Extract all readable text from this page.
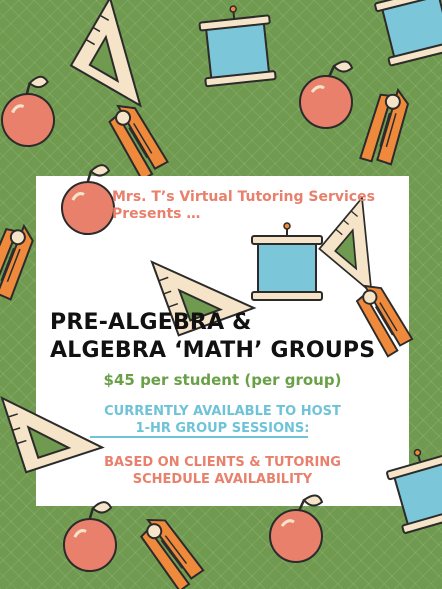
Mrs. T’s Virtual Tutoring Services
Presents …
PRE-ALGEBRA &
ALGEBRA ‘MATH’ GROUPS
$45 per student (per group)
CURRENTLY AVAILABLE TO HOST
1-HR GROUP SESSIONS:
BASED ON CLIENTS & TUTORING
SCHEDULE AVAILABILITY
